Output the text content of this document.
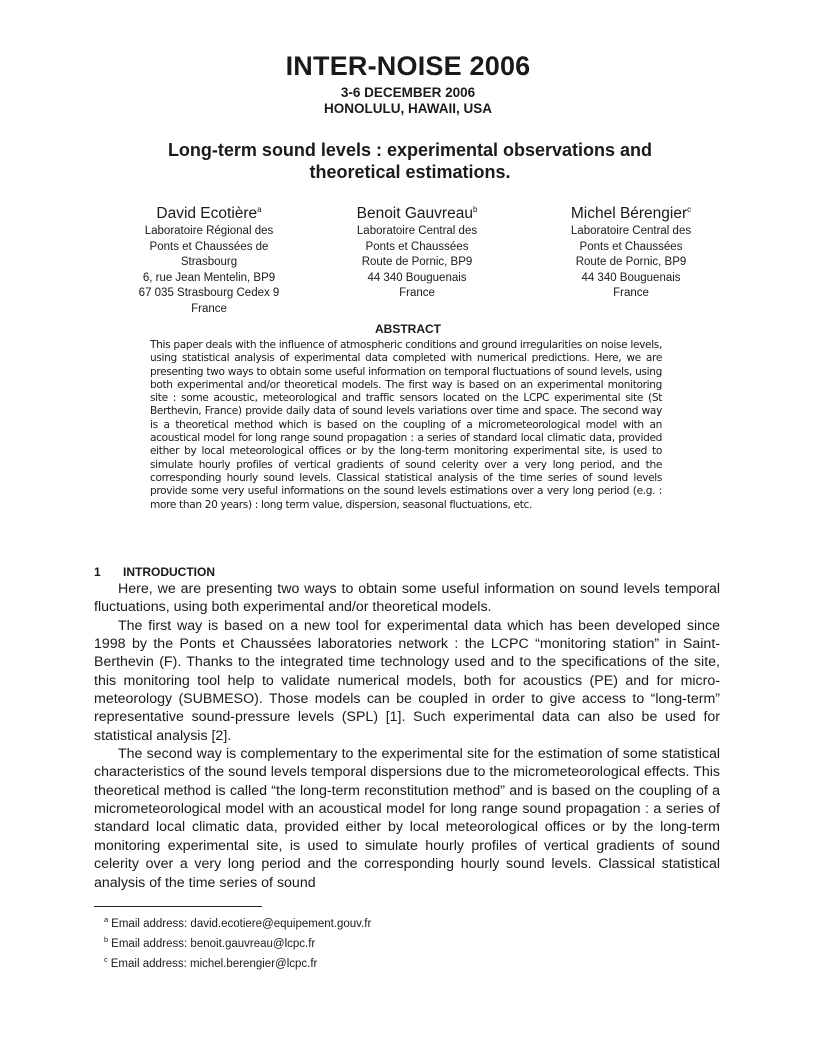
INTER-NOISE 2006
3-6 DECEMBER 2006
HONOLULU, HAWAII, USA
Long-term sound levels : experimental observations and theoretical estimations.
David Ecotière$^a$
Laboratoire Régional des
Ponts et Chaussées de
Strasbourg
6, rue Jean Mentelin, BP9
67 035 Strasbourg Cedex 9
France
Benoit Gauvreau$^b$
Laboratoire Central des
Ponts et Chaussées
Route de Pornic, BP9
44 340 Bouguenais
France
Michel Bérengier$^c$
Laboratoire Central des
Ponts et Chaussées
Route de Pornic, BP9
44 340 Bouguenais
France
ABSTRACT
This paper deals with the influence of atmospheric conditions and ground irregularities on noise levels, using statistical analysis of experimental data completed with numerical predictions. Here, we are presenting two ways to obtain some useful information on temporal fluctuations of sound levels, using both experimental and/or theoretical models. The first way is based on an experimental monitoring site : some acoustic, meteorological and traffic sensors located on the LCPC experimental site (St Berthevin, France) provide daily data of sound levels variations over time and space. The second way is a theoretical method which is based on the coupling of a micrometeorological model with an acoustical model for long range sound propagation : a series of standard local climatic data, provided either by local meteorological offices or by the long-term monitoring experimental site, is used to simulate hourly profiles of vertical gradients of sound celerity over a very long period, and the corresponding hourly sound levels. Classical statistical analysis of the time series of sound levels provide some very useful informations on the sound levels estimations over a very long period (e.g. : more than 20 years) : long term value, dispersion, seasonal fluctuations, etc.
1 INTRODUCTION

Here, we are presenting two ways to obtain some useful information on sound levels temporal fluctuations, using both experimental and/or theoretical models.

The first way is based on a new tool for experimental data which has been developed since 1998 by the Ponts et Chaussées laboratories network : the LCPC “monitoring station” in Saint-Berthevin (F). Thanks to the integrated time technology used and to the specifications of the site, this monitoring tool help to validate numerical models, both for acoustics (PE) and for micro-meteorology (SUBMESO). Those models can be coupled in order to give access to “long-term” representative sound-pressure levels (SPL) [1]. Such experimental data can also be used for statistical analysis [2].

The second way is complementary to the experimental site for the estimation of some statistical characteristics of the sound levels temporal dispersions due to the micrometeorological effects. This theoretical method is called “the long-term reconstitution method” and is based on the coupling of a micrometeorological model with an acoustical model for long range sound propagation : a series of standard local climatic data, provided either by local meteorological offices or by the long-term monitoring experimental site, is used to simulate hourly profiles of vertical gradients of sound celerity over a very long period and the corresponding hourly sound levels. Classical statistical analysis of the time series of sound

$^a$ Email address: david.ecotiere@equipement.gouv.fr
$^b$ Email address: benoit.gauvreau@lcpc.fr
$^c$ Email address: michel.berengier@lcpc.fr
